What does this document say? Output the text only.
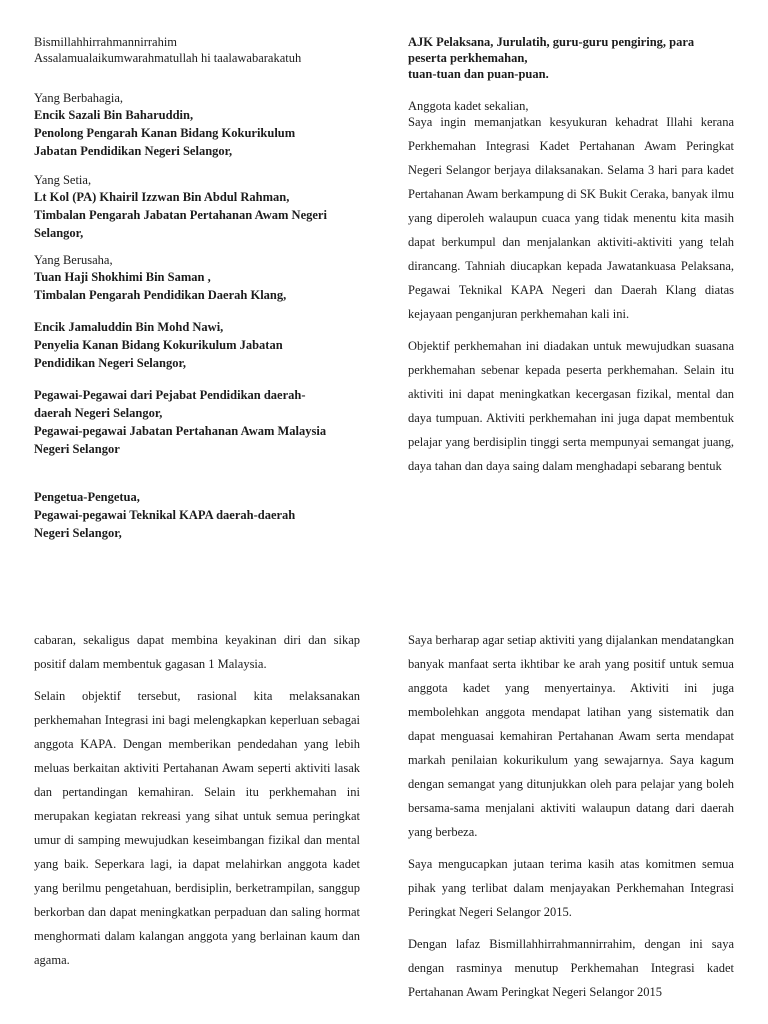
Bismillahhirrahmannirrahim

Assalamualaikumwarahmatullah hi taalawabarakatuh

Yang Berbahagia,

Encik Sazali Bin Baharuddin,

Penolong Pengarah Kanan Bidang Kokurikulum

Jabatan Pendidikan Negeri Selangor,

Yang Setia,

Lt Kol (PA) Khairil Izzwan Bin Abdul Rahman,

Timbalan Pengarah Jabatan Pertahanan Awam Negeri

Selangor,

Yang Berusaha,

Tuan Haji Shokhimi Bin Saman ,

Timbalan Pengarah Pendidikan Daerah Klang,

Encik Jamaluddin Bin Mohd Nawi,

Penyelia Kanan Bidang Kokurikulum Jabatan

Pendidikan Negeri Selangor,

Pegawai-Pegawai dari Pejabat Pendidikan daerah-

daerah Negeri Selangor,

Pegawai-pegawai Jabatan Pertahanan Awam Malaysia

Negeri Selangor

Pengetua-Pengetua,

Pegawai-pegawai Teknikal KAPA daerah-daerah

Negeri Selangor,

AJK Pelaksana, Jurulatih, guru-guru pengiring, para

peserta perkhemahan,

tuan-tuan dan puan-puan.

Anggota kadet sekalian,

Saya ingin memanjatkan kesyukuran kehadrat Illahi kerana Perkhemahan Integrasi Kadet Pertahanan Awam Peringkat Negeri Selangor berjaya dilaksanakan. Selama 3 hari para kadet Pertahanan Awam berkampung di SK Bukit Ceraka, banyak ilmu yang diperoleh walaupun cuaca yang tidak menentu kita masih dapat berkumpul dan menjalankan aktiviti-aktiviti yang telah dirancang. Tahniah diucapkan kepada Jawatankuasa Pelaksana, Pegawai Teknikal KAPA Negeri dan Daerah Klang diatas kejayaan penganjuran perkhemahan kali ini.

Objektif perkhemahan ini diadakan untuk mewujudkan suasana perkhemahan sebenar kepada peserta perkhemahan. Selain itu aktiviti ini dapat meningkatkan kecergasan fizikal, mental dan daya tumpuan. Aktiviti perkhemahan ini juga dapat membentuk pelajar yang berdisiplin tinggi serta mempunyai semangat juang, daya tahan dan daya saing dalam menghadapi sebarang bentuk

cabaran, sekaligus dapat membina keyakinan diri dan sikap positif dalam membentuk gagasan 1 Malaysia.

Selain objektif tersebut, rasional kita melaksanakan perkhemahan Integrasi ini bagi melengkapkan keperluan sebagai anggota KAPA. Dengan memberikan pendedahan yang lebih meluas berkaitan aktiviti Pertahanan Awam seperti aktiviti lasak dan pertandingan kemahiran. Selain itu perkhemahan ini merupakan kegiatan rekreasi yang sihat untuk semua peringkat umur di samping mewujudkan keseimbangan fizikal dan mental yang baik. Seperkara lagi, ia dapat melahirkan anggota kadet yang berilmu pengetahuan, berdisiplin, berketrampilan, sanggup berkorban dan dapat meningkatkan perpaduan dan saling hormat menghormati dalam kalangan anggota yang berlainan kaum dan agama.

Saya berharap agar setiap aktiviti yang dijalankan mendatangkan banyak manfaat serta ikhtibar ke arah yang positif untuk semua anggota kadet yang menyertainya. Aktiviti ini juga membolehkan anggota mendapat latihan yang sistematik dan dapat menguasai kemahiran Pertahanan Awam serta mendapat markah penilaian kokurikulum yang sewajarnya. Saya kagum dengan semangat yang ditunjukkan oleh para pelajar yang boleh bersama-sama menjalani aktiviti walaupun datang dari daerah yang berbeza.

Saya mengucapkan jutaan terima kasih atas komitmen semua pihak yang terlibat dalam menjayakan Perkhemahan Integrasi Peringkat Negeri Selangor 2015.

Dengan lafaz Bismillahhirrahmannirrahim, dengan ini saya dengan rasminya menutup Perkhemahan Integrasi kadet Pertahanan Awam Peringkat Negeri Selangor 2015
